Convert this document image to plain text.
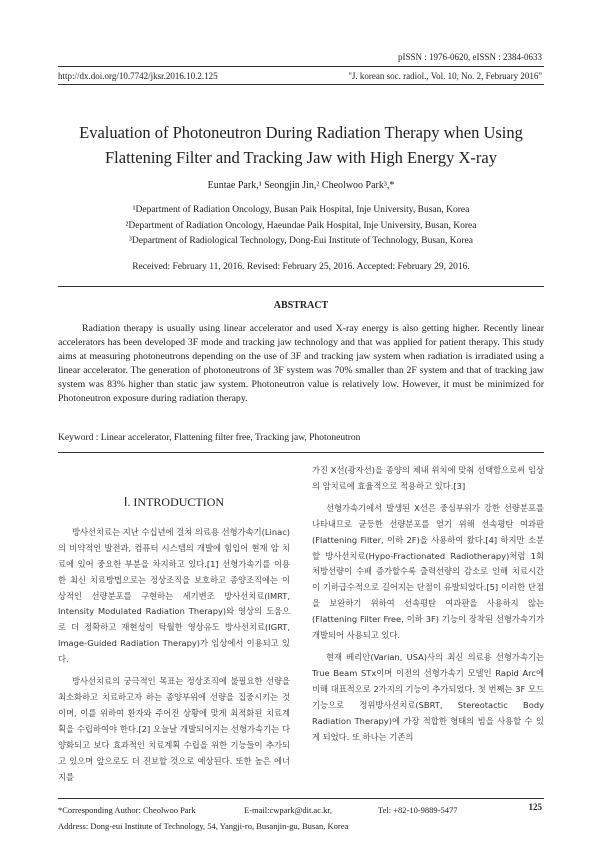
pISSN : 1976-0620, eISSN : 2384-0633
http://dx.doi.org/10.7742/jksr.2016.10.2.125	"J. korean soc. radiol., Vol. 10, No. 2, February 2016"
Evaluation of Photoneutron During Radiation Therapy when Using Flattening Filter and Tracking Jaw with High Energy X-ray
Euntae Park,¹ Seongjin Jin,² Cheolwoo Park³,*
¹Department of Radiation Oncology, Busan Paik Hospital, Inje University, Busan, Korea
²Department of Radiation Oncology, Haeundae Paik Hospital, Inje University, Busan, Korea
³Department of Radiological Technology, Dong-Eui Institute of Technology, Busan, Korea
Received: February 11, 2016. Revised: February 25, 2016. Accepted: February 29, 2016.
ABSTRACT
Radiation therapy is usually using linear accelerator and used X-ray energy is also getting higher. Recently linear accelerators has been developed 3F mode and tracking jaw technology and that was applied for patient therapy. This study aims at measuring photoneutrons depending on the use of 3F and tracking jaw system when radiation is irradiated using a linear accelerator. The generation of photoneutrons of 3F system was 70% smaller than 2F system and that of tracking jaw system was 83% higher than static jaw system. Photoneutron value is relatively low. However, it must be minimized for Photoneutron exposure during radiation therapy.
Keyword : Linear accelerator, Flattening filter free, Tracking jaw, Photoneutron
Ⅰ. INTRODUCTION

방사선치료는 지난 수십년에 걸쳐 의료용 선형가속기(Linac)의 비약적인 발전과, 컴퓨터 시스템의 개발에 힘입어 현재 암 치료에 있어 중요한 부분을 차지하고 있다.[1] 선형가속기를 이용한 최신 치료방법으로는 정상조직을 보호하고 종양조직에는 이상적인 선량분포를 구현하는 세기변조 방사선치료(IMRT, Intensity Modulated Radiation Therapy)와 영상의 도움으로 더 정확하고 재현성이 탁월한 영상유도 방사선치료(IGRT, Image-Guided Radiation Therapy)가 임상에서 이용되고 있다.

방사선치료의 궁극적인 목표는 정상조직에 불필요한 선량을 최소화하고 치료하고자 하는 종양부위에 선량을 집중시키는 것이며, 이를 위하여 환자와 주어진 상황에 맞게 최적화된 치료계획을 수립하여야 한다.[2] 오늘날 개발되어지는 선형가속기는 다양화되고 보다 효과적인 치료계획 수립을 위한 기능들이 추가되고 있으며 앞으로도 더 진보할 것으로 예상된다. 또한 높은 에너지를

가진 X선(광자선)을 종양의 체내 위치에 맞춰 선택함으로써 임상의 암치료에 효율적으로 적용하고 있다.[3]

선형가속기에서 발생된 X선은 중심부위가 강한 선량분포를 나타내므로 균등한 선량분포를 얻기 위해 선속평탄 여과판(Flattening Filter, 이하 2F)을 사용하여 왔다.[4] 하지만 소분할 방사선치료(Hypo-Fractionated Radiotherapy)처럼 1회 처방선량이 수배 증가할수록 출력선량의 감소로 인해 치료시간이 기하급수적으로 길어지는 단점이 유발되었다.[5] 이러한 단점을 보완하기 위하여 선속평탄 여과판을 사용하지 않는(Flattening Filter Free, 이하 3F) 기능이 장착된 선형가속기가 개발되어 사용되고 있다.

현재 베리안(Varian, USA)사의 최신 의료용 선형가속기는 True Beam STx이며 이전의 선형가속기 모델인 Rapid Arc에 비해 대표적으로 2가지의 기능이 추가되었다. 첫 번째는 3F 모드 기능으로 정위방사선치료(SBRT, Stereotactic Body Radiation Therapy)에 가장 적합한 형태의 빔을 사용할 수 있게 되었다. 또 하나는 기존의

*Corresponding Author: Cheolwoo Park	E-mail:cwpark@dit.ac.kr,	Tel: +82-10-9889-5477
Address: Dong-eui Institute of Technology, 54, Yangji-ro, Busanjin-gu, Busan, Korea
125
